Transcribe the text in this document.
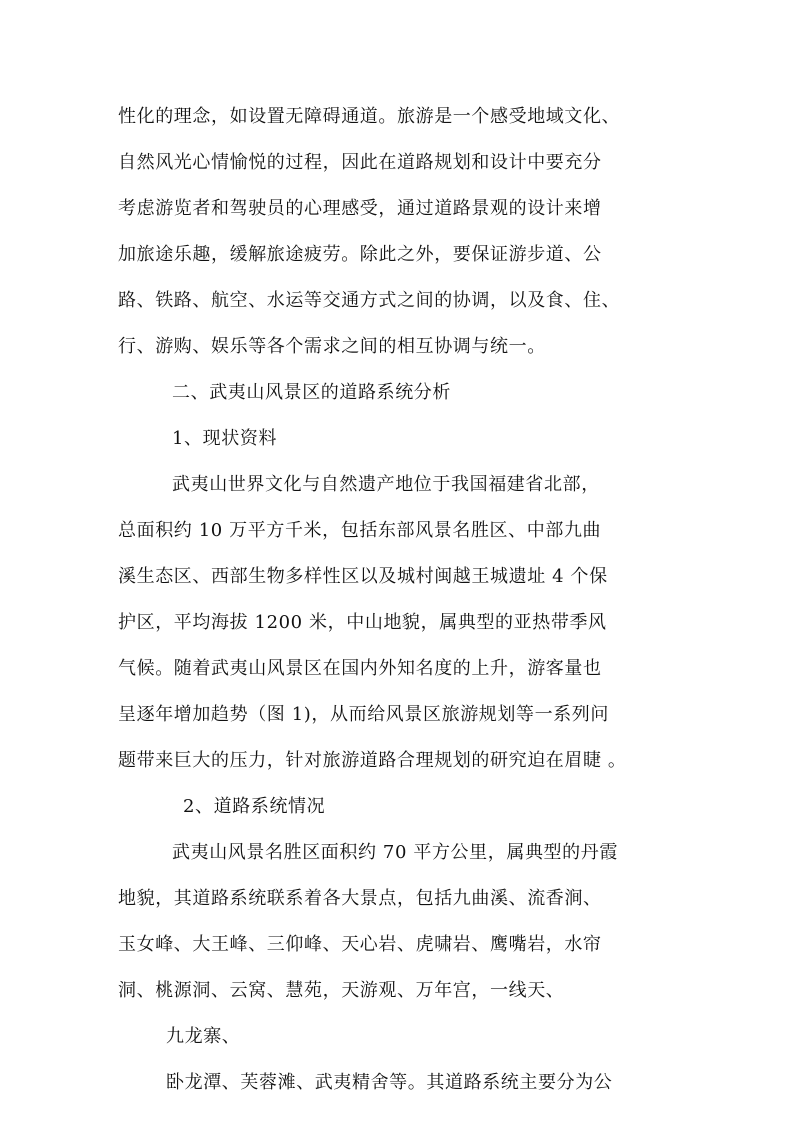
性化的理念，如设置无障碍通道。旅游是一个感受地域文化、
自然风光心情愉悦的过程，因此在道路规划和设计中要充分
考虑游览者和驾驶员的心理感受，通过道路景观的设计来增
加旅途乐趣，缓解旅途疲劳。除此之外，要保证游步道、公
路、铁路、航空、水运等交通方式之间的协调，以及食、住、
行、游购、娱乐等各个需求之间的相互协调与统一。
二、武夷山风景区的道路系统分析
1、现状资料
武夷山世界文化与自然遗产地位于我国福建省北部，
总面积约 10 万平方千米，包括东部风景名胜区、中部九曲
溪生态区、西部生物多样性区以及城村闽越王城遗址 4 个保
护区，平均海拔 1200 米，中山地貌，属典型的亚热带季风
气候。随着武夷山风景区在国内外知名度的上升，游客量也
呈逐年增加趋势（图 1)，从而给风景区旅游规划等一系列问
题带来巨大的压力，针对旅游道路合理规划的研究迫在眉睫 。
2、道路系统情况
武夷山风景名胜区面积约 70 平方公里，属典型的丹霞
地貌，其道路系统联系着各大景点，包括九曲溪、流香涧、
玉女峰、大王峰、三仰峰、天心岩、虎啸岩、鹰嘴岩，水帘
洞、桃源洞、云窝、慧苑，天游观、万年宫，一线天、
九龙寨、
卧龙潭、芙蓉滩、武夷精舍等。其道路系统主要分为公
